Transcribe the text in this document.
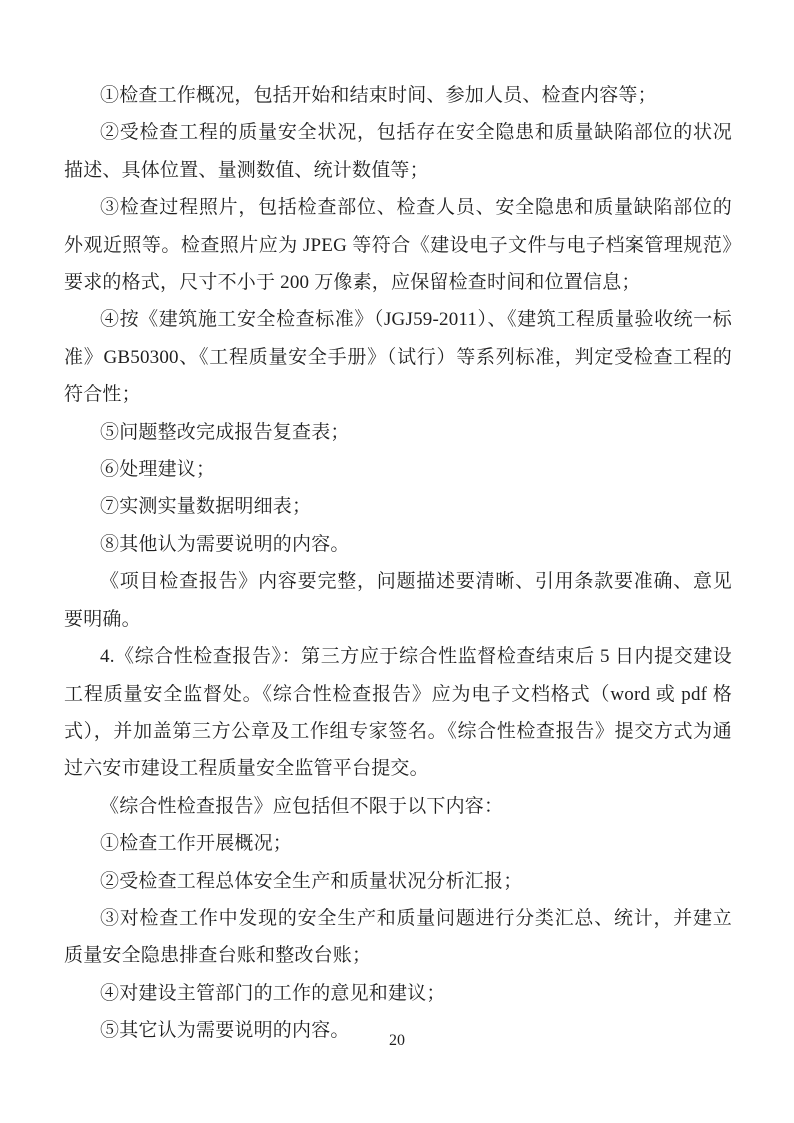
①检查工作概况，包括开始和结束时间、参加人员、检查内容等；

②受检查工程的质量安全状况，包括存在安全隐患和质量缺陷部位的状况描述、具体位置、量测数值、统计数值等；

③检查过程照片，包括检查部位、检查人员、安全隐患和质量缺陷部位的外观近照等。检查照片应为 JPEG 等符合《建设电子文件与电子档案管理规范》要求的格式，尺寸不小于 200 万像素，应保留检查时间和位置信息；

④按《建筑施工安全检查标准》（JGJ59-2011）、《建筑工程质量验收统一标准》GB50300、《工程质量安全手册》（试行）等系列标准，判定受检查工程的符合性；

⑤问题整改完成报告复查表；

⑥处理建议；

⑦实测实量数据明细表；

⑧其他认为需要说明的内容。

《项目检查报告》内容要完整，问题描述要清晰、引用条款要准确、意见要明确。

4.《综合性检查报告》：第三方应于综合性监督检查结束后 5 日内提交建设工程质量安全监督处。《综合性检查报告》应为电子文档格式（word 或 pdf 格式），并加盖第三方公章及工作组专家签名。《综合性检查报告》提交方式为通过六安市建设工程质量安全监管平台提交。

《综合性检查报告》应包括但不限于以下内容：

①检查工作开展概况；

②受检查工程总体安全生产和质量状况分析汇报；

③对检查工作中发现的安全生产和质量问题进行分类汇总、统计，并建立质量安全隐患排查台账和整改台账；

④对建设主管部门的工作的意见和建议；

⑤其它认为需要说明的内容。	20
